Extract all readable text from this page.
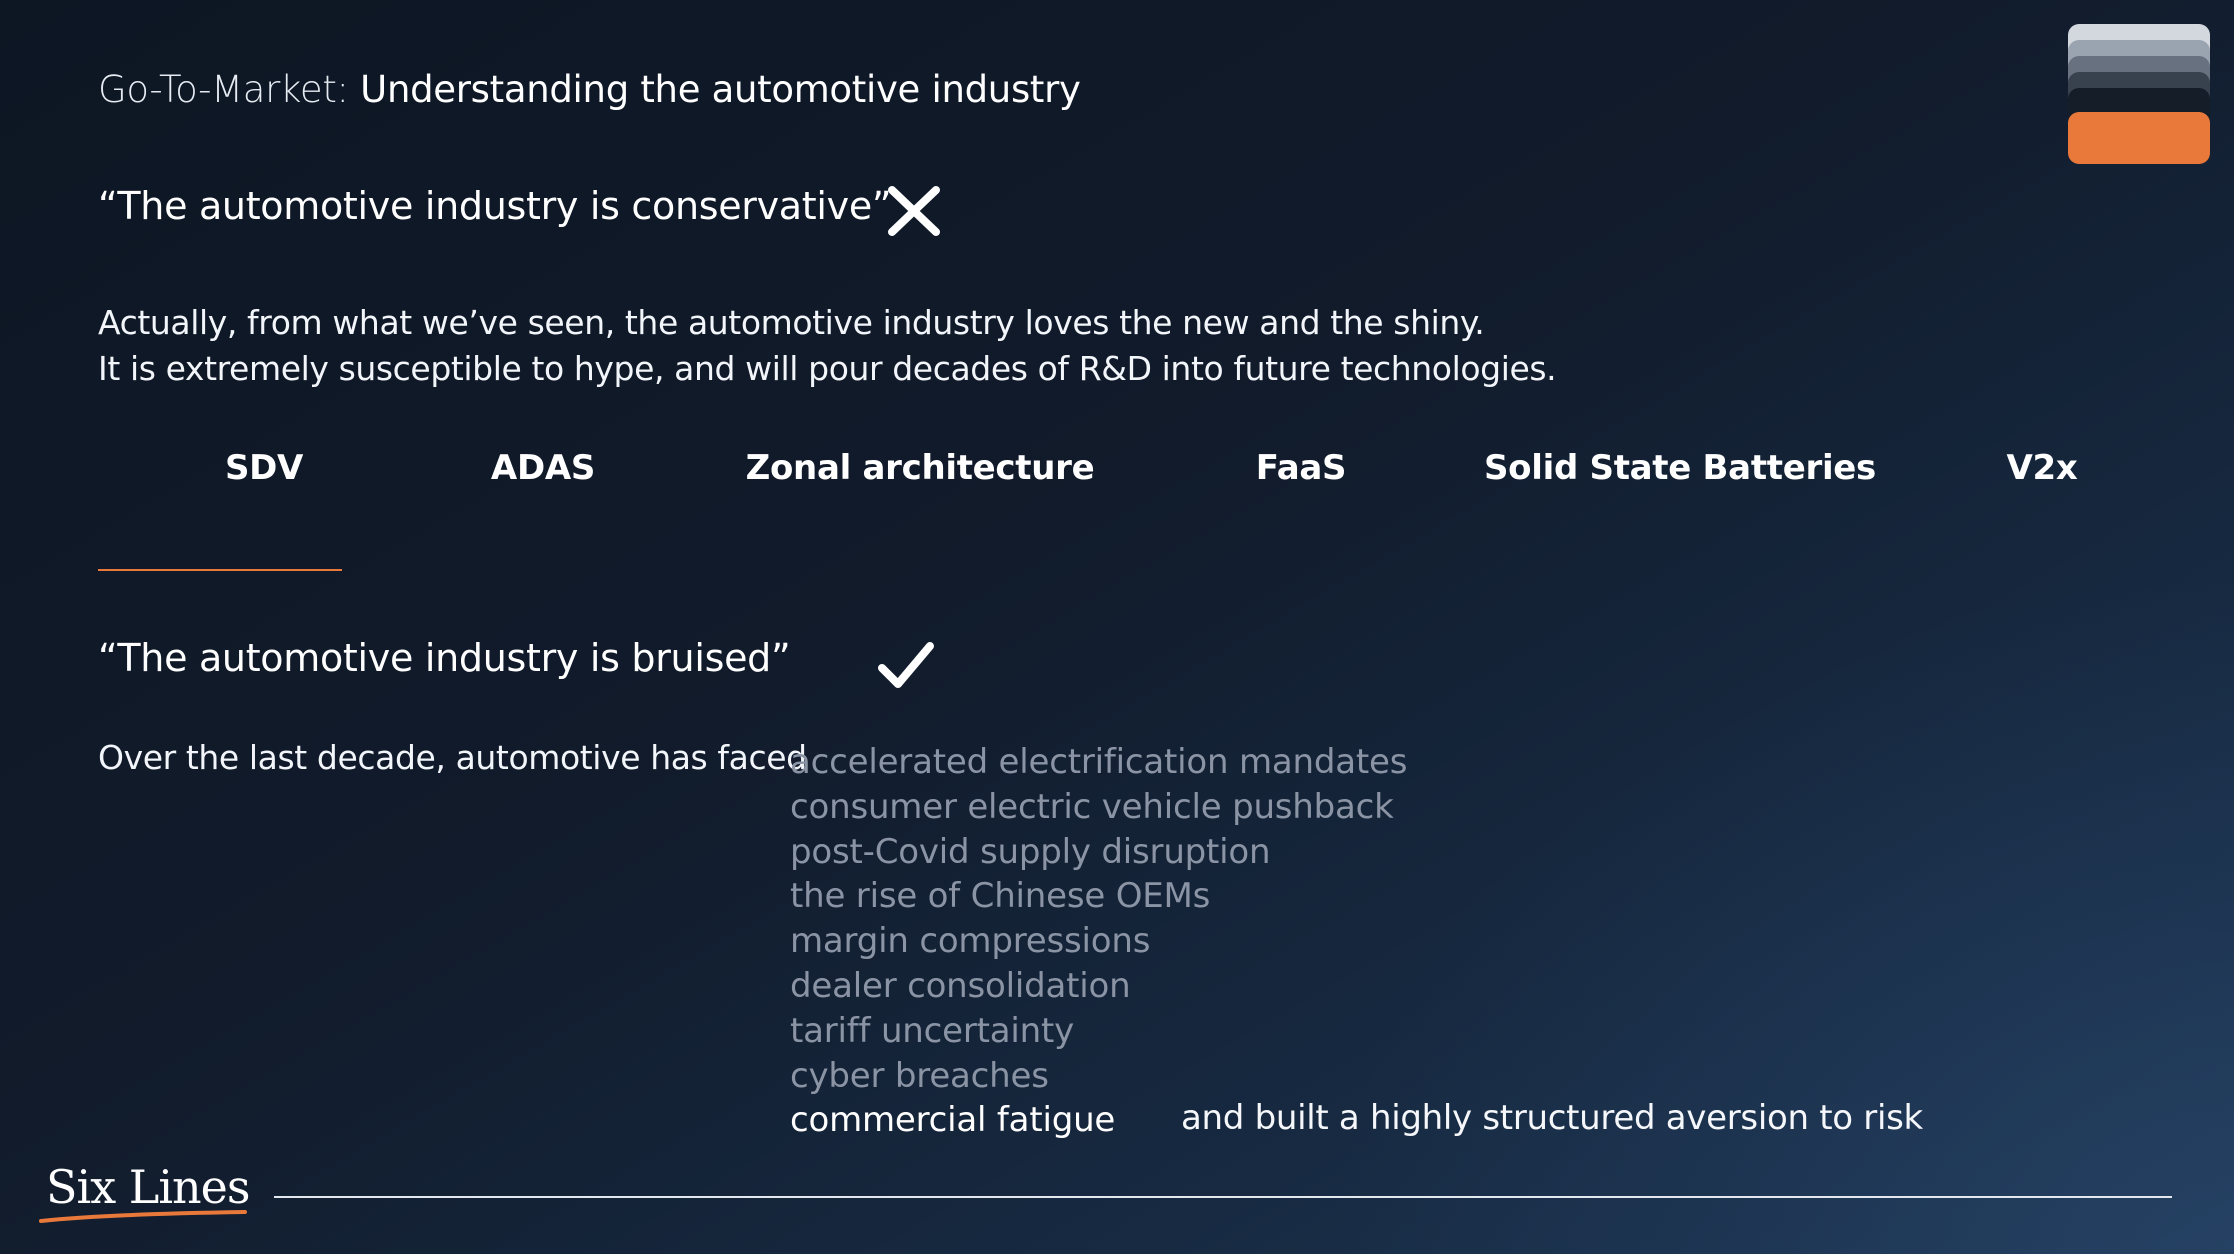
Go-To-Market: Understanding the automotive industry
“The automotive industry is conservative”
Actually, from what we’ve seen, the automotive industry loves the new and the shiny.
It is extremely susceptible to hype, and will pour decades of R&D into future technologies.
SDV	ADAS	Zonal architecture	FaaS	Solid State Batteries	V2x
“The automotive industry is bruised”
Over the last decade, automotive has faced
accelerated electrification mandates
consumer electric vehicle pushback
post-Covid supply disruption
the rise of Chinese OEMs
margin compressions
dealer consolidation
tariff uncertainty
cyber breaches
commercial fatigue	and built a highly structured aversion to risk
Six Lines
